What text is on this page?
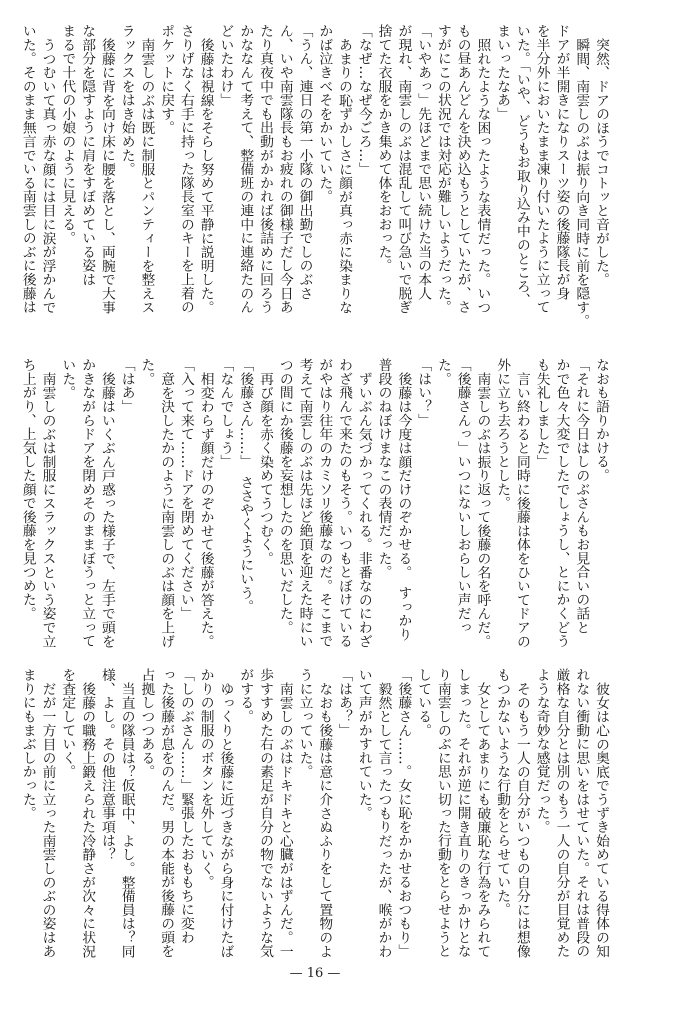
突然、ドアのほうでコトッと音がした。
瞬間、南雲しのぶは振り向き同時に前を隠す。
ドアが半開きになりスーツ姿の後藤隊長が身
を半分外においたまま凍り付いたように立って
いた。「いや、どうもお取り込み中のところ、
まいったなあ」
照れたような困ったような表情だった。いつ
もの昼あんどんを決め込もうとしていたが、さ
すがにこの状況では対応が難しいようだった。
「いやあっ」先ほどまで思い続けた当の本人
が現れ、南雲しのぶは混乱して叫び急いで脱ぎ
捨てた衣服をかき集めて体をおおった。
「なぜ…なぜ今ごろ…」
あまりの恥ずかしさに顔が真っ赤に染まりな
かば泣きべそをかいていた。
「うん、連日の第一小隊の御出勤でしのぶさ
ん、いや南雲隊長もお疲れの御様子だし今日あ
たり真夜中でも出動がかかれば後詰めに回ろう
かななんて考えて、整備班の連中に連絡たのん
どいたわけ」
後藤は視線をそらし努めて平静に説明した。
さりげなく右手に持った隊長室のキーを上着の
ポケットに戻す。
南雲しのぶは既に制服とパンティーを整えス
ラックスをはき始めた。
後藤に背を向け床に腰を落とし、両腕で大事
な部分を隠すように肩をすぼめている姿は
まるで十代の小娘のように見える。
うつむいて真っ赤な顔には目に涙が浮かんで
いた。そのまま無言でいる南雲しのぶに後藤は
なおも語りかける。
「それに今日はしのぶさんもお見合いの話と
かで色々大変でしたでしょうし、とにかくどう
も失礼しました」
言い終わると同時に後藤は体をひいてドアの
外に立ち去ろうとした。
南雲しのぶは振り返って後藤の名を呼んだ。
「後藤さんっ」いつにないしおらしい声だっ
た。
「はい？」
後藤は今度は顔だけのぞかせる。　すっかり
普段のねぼけまなこの表情だった。
ずいぶん気づかってくれる。非番なのにわざ
わざ飛んで来たのもそう。いつもとぼけている
がやはり往年のカミソリ後藤なのだ。そこまで
考えて南雲しのぶは先ほど絶頂を迎えた時にい
つの間にか後藤を妄想したのを思いだした。
再び顔を赤く染めてうつむく。
「後藤さん……」　ささやくようにいう。
「なんでしょう」
相変わらず顔だけのぞかせて後藤が答えた。
「入って来て……ドアを閉めてください」
意を決したかのように南雲しのぶは顔を上げ
た。
「はあ」
後藤はいくぶん戸惑った様子で、左手で頭を
かきながらドアを閉めそのままぼうっと立って
いた。
南雲しのぶは制服にスラックスという姿で立
ち上がり、上気した顔で後藤を見つめた。
彼女は心の奥底でうずき始めている得体の知
れない衝動に思いをはせていた。それは普段の
厳格な自分とは別のもう一人の自分が目覚めた
ような奇妙な感覚だった。
そのもう一人の自分がいつもの自分には想像
もつかないような行動をとらせていた。
女としてあまりにも破廉恥な行為をみられて
しまった。それが逆に開き直りのきっかけとな
り南雲しのぶに思い切った行動をとらせようと
している。
「後藤さん……。女に恥をかかせるおつもり」
毅然として言ったつもりだったが、喉がかわ
いて声がかすれていた。
「はあ？」
なおも後藤は意に介さぬふりをして置物のよ
うに立っていた。
南雲しのぶはドキドキと心臓がはずんだ。一
歩すすめた右の素足が自分の物でないような気
がする。
ゆっくりと後藤に近づきながら身に付けたば
かりの制服のボタンを外していく。
「しのぶさん……」緊張したおももちに変わ
った後藤が息をのんだ。男の本能が後藤の頭を
占拠しつつある。
当直の隊員は？仮眠中、よし。整備員は？同
様、よし。その他注意事項は？
後藤の職務上鍛えられた冷静さが次々に状況
を査定していく。
だが一方目の前に立った南雲しのぶの姿はあ
まりにもまぶしかった。
— 16 —
